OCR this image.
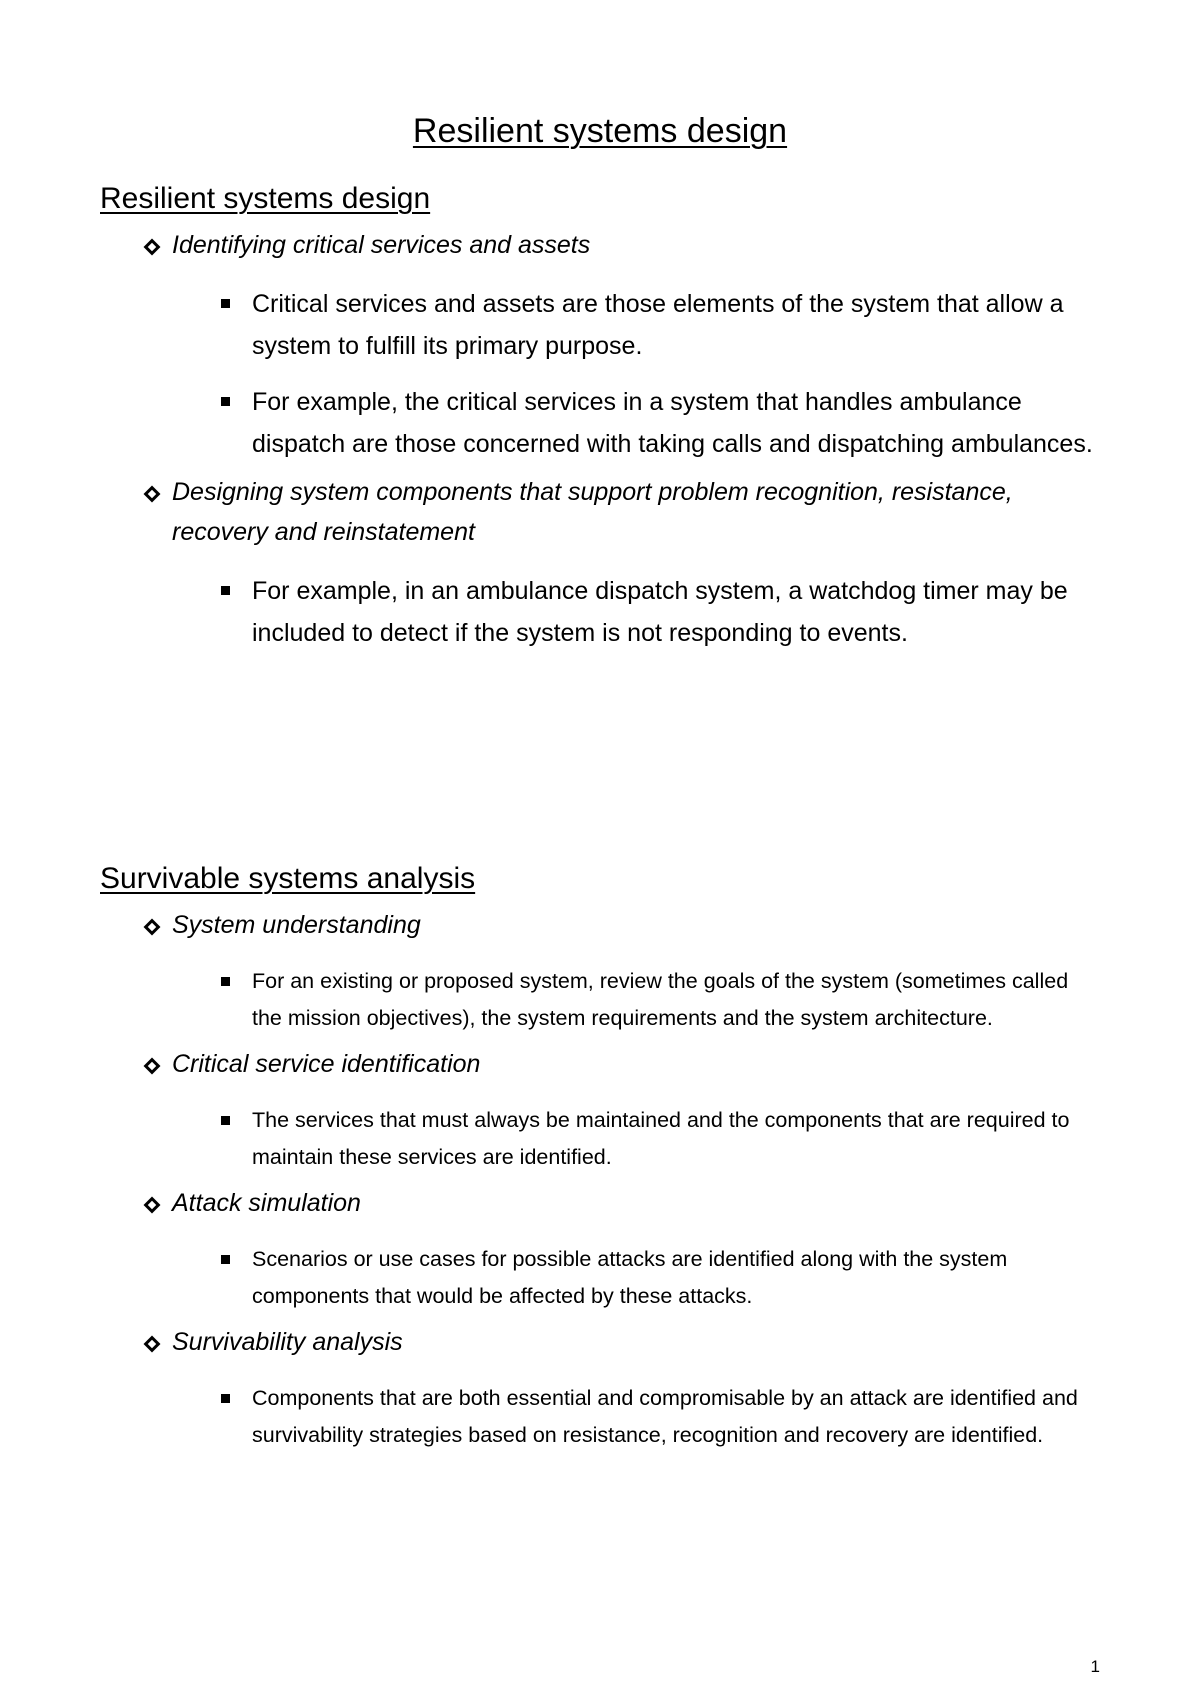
Resilient systems design
Resilient systems design
Identifying critical services and assets
Critical services and assets are those elements of the system that allow a system to fulfill its primary purpose.
For example, the critical services in a system that handles ambulance dispatch are those concerned with taking calls and dispatching ambulances.
Designing system components that support problem recognition, resistance, recovery and reinstatement
For example, in an ambulance dispatch system, a watchdog timer may be included to detect if the system is not responding to events.
Survivable systems analysis
System understanding
For an existing or proposed system, review the goals of the system (sometimes called the mission objectives), the system requirements and the system architecture.
Critical service identification
The services that must always be maintained and the components that are required to maintain these services are identified.
Attack simulation
Scenarios or use cases for possible attacks are identified along with the system components that would be affected by these attacks.
Survivability analysis
Components that are both essential and compromisable by an attack are identified and survivability strategies based on resistance, recognition and recovery are identified.
1
